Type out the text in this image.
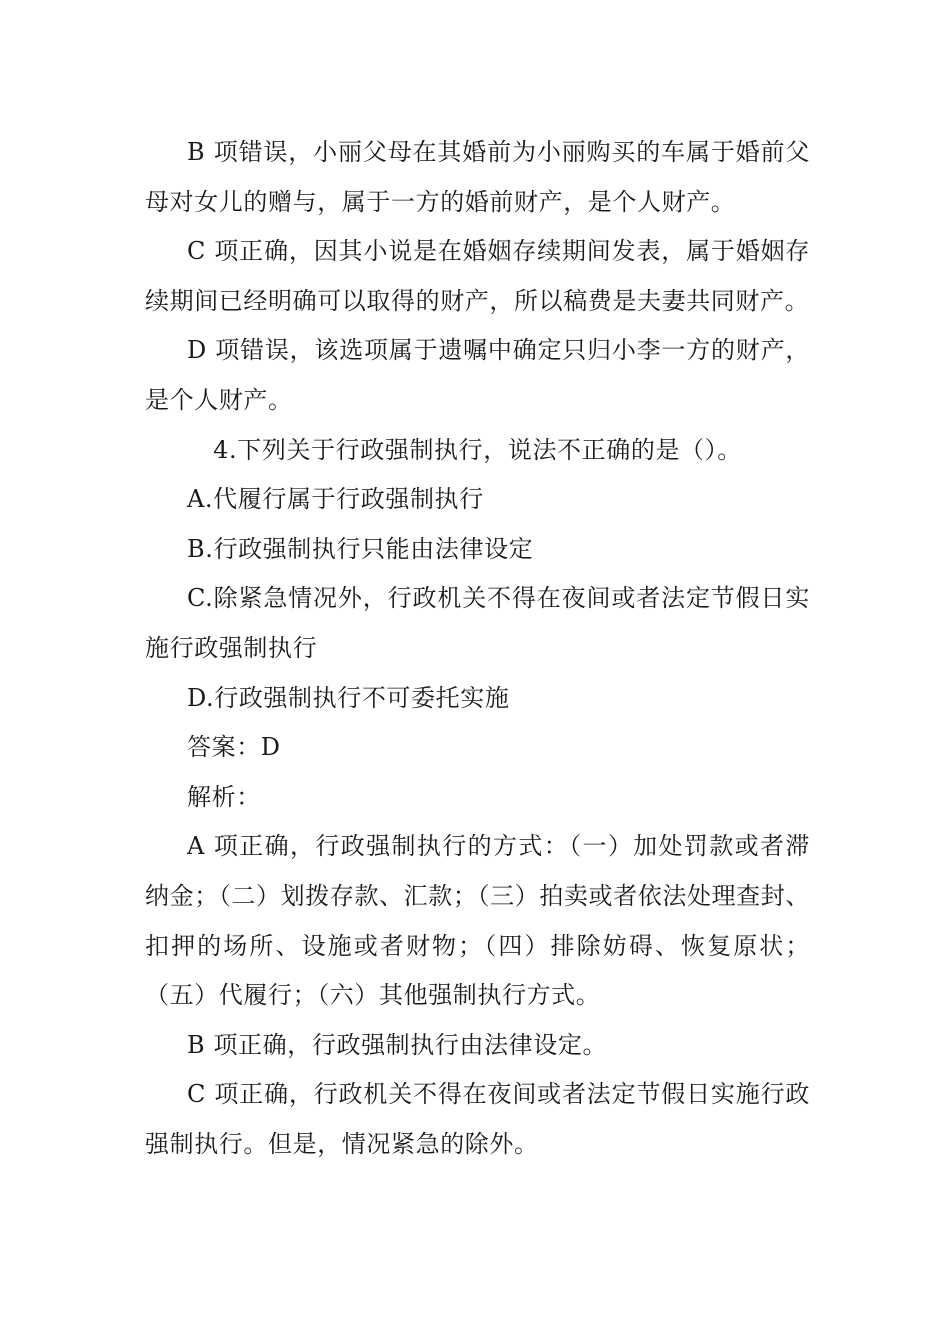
B 项错误，小丽父母在其婚前为小丽购买的车属于婚前父母对女儿的赠与，属于一方的婚前财产，是个人财产。

C 项正确，因其小说是在婚姻存续期间发表，属于婚姻存续期间已经明确可以取得的财产，所以稿费是夫妻共同财产。

D 项错误，该选项属于遗嘱中确定只归小李一方的财产，是个人财产。

4.下列关于行政强制执行，说法不正确的是（）。

A.代履行属于行政强制执行

B.行政强制执行只能由法律设定

C.除紧急情况外，行政机关不得在夜间或者法定节假日实施行政强制执行

D.行政强制执行不可委托实施

答案：D

解析：

A 项正确，行政强制执行的方式：（一）加处罚款或者滞纳金；（二）划拨存款、汇款；（三）拍卖或者依法处理查封、扣押的场所、设施或者财物；（四）排除妨碍、恢复原状；（五）代履行；（六）其他强制执行方式。

B 项正确，行政强制执行由法律设定。

C 项正确，行政机关不得在夜间或者法定节假日实施行政强制执行。但是，情况紧急的除外。
